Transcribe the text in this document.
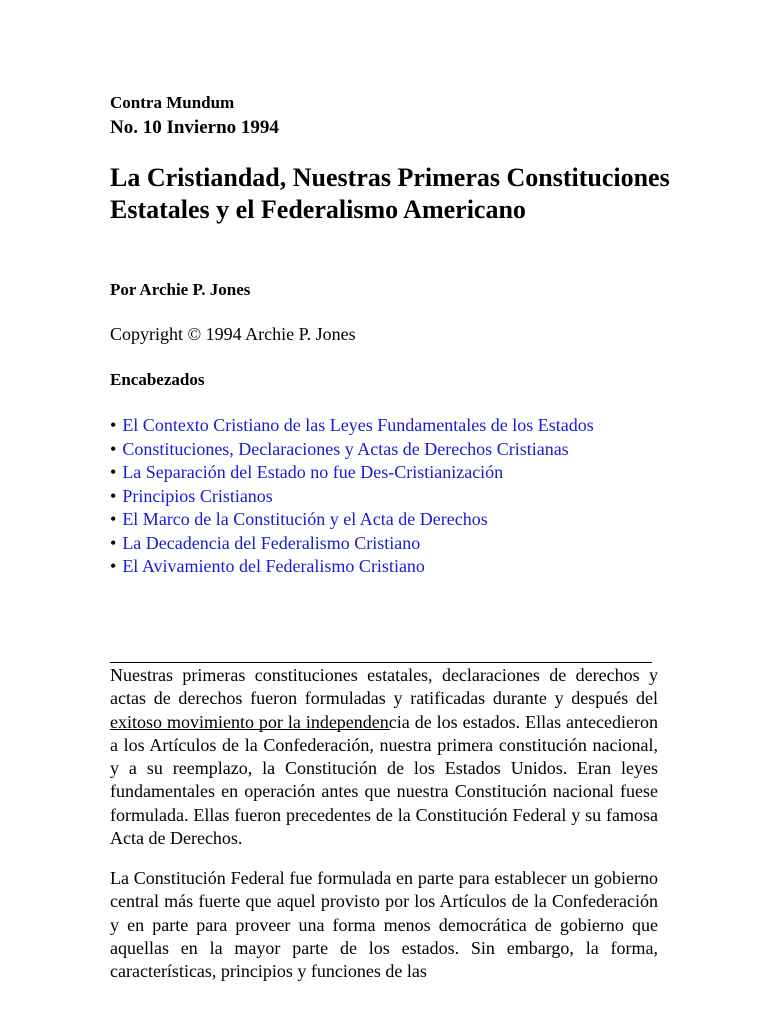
Contra Mundum

No. 10 Invierno 1994

La Cristiandad, Nuestras Primeras Constituciones Estatales y el Federalismo Americano

Por Archie P. Jones

Copyright © 1994 Archie P. Jones

Encabezados

• El Contexto Cristiano de las Leyes Fundamentales de los Estados
• Constituciones, Declaraciones y Actas de Derechos Cristianas
• La Separación del Estado no fue Des-Cristianización
• Principios Cristianos
• El Marco de la Constitución y el Acta de Derechos
• La Decadencia del Federalismo Cristiano
• El Avivamiento del Federalismo Cristiano

Nuestras primeras constituciones estatales, declaraciones de derechos y actas de derechos fueron formuladas y ratificadas durante y después del exitoso movimiento por la independencia de los estados. Ellas antecedieron a los Artículos de la Confederación, nuestra primera constitución nacional, y a su reemplazo, la Constitución de los Estados Unidos. Eran leyes fundamentales en operación antes que nuestra Constitución nacional fuese formulada. Ellas fueron precedentes de la Constitución Federal y su famosa Acta de Derechos.

La Constitución Federal fue formulada en parte para establecer un gobierno central más fuerte que aquel provisto por los Artículos de la Confederación y en parte para proveer una forma menos democrática de gobierno que aquellas en la mayor parte de los estados. Sin embargo, la forma, características, principios y funciones de las
